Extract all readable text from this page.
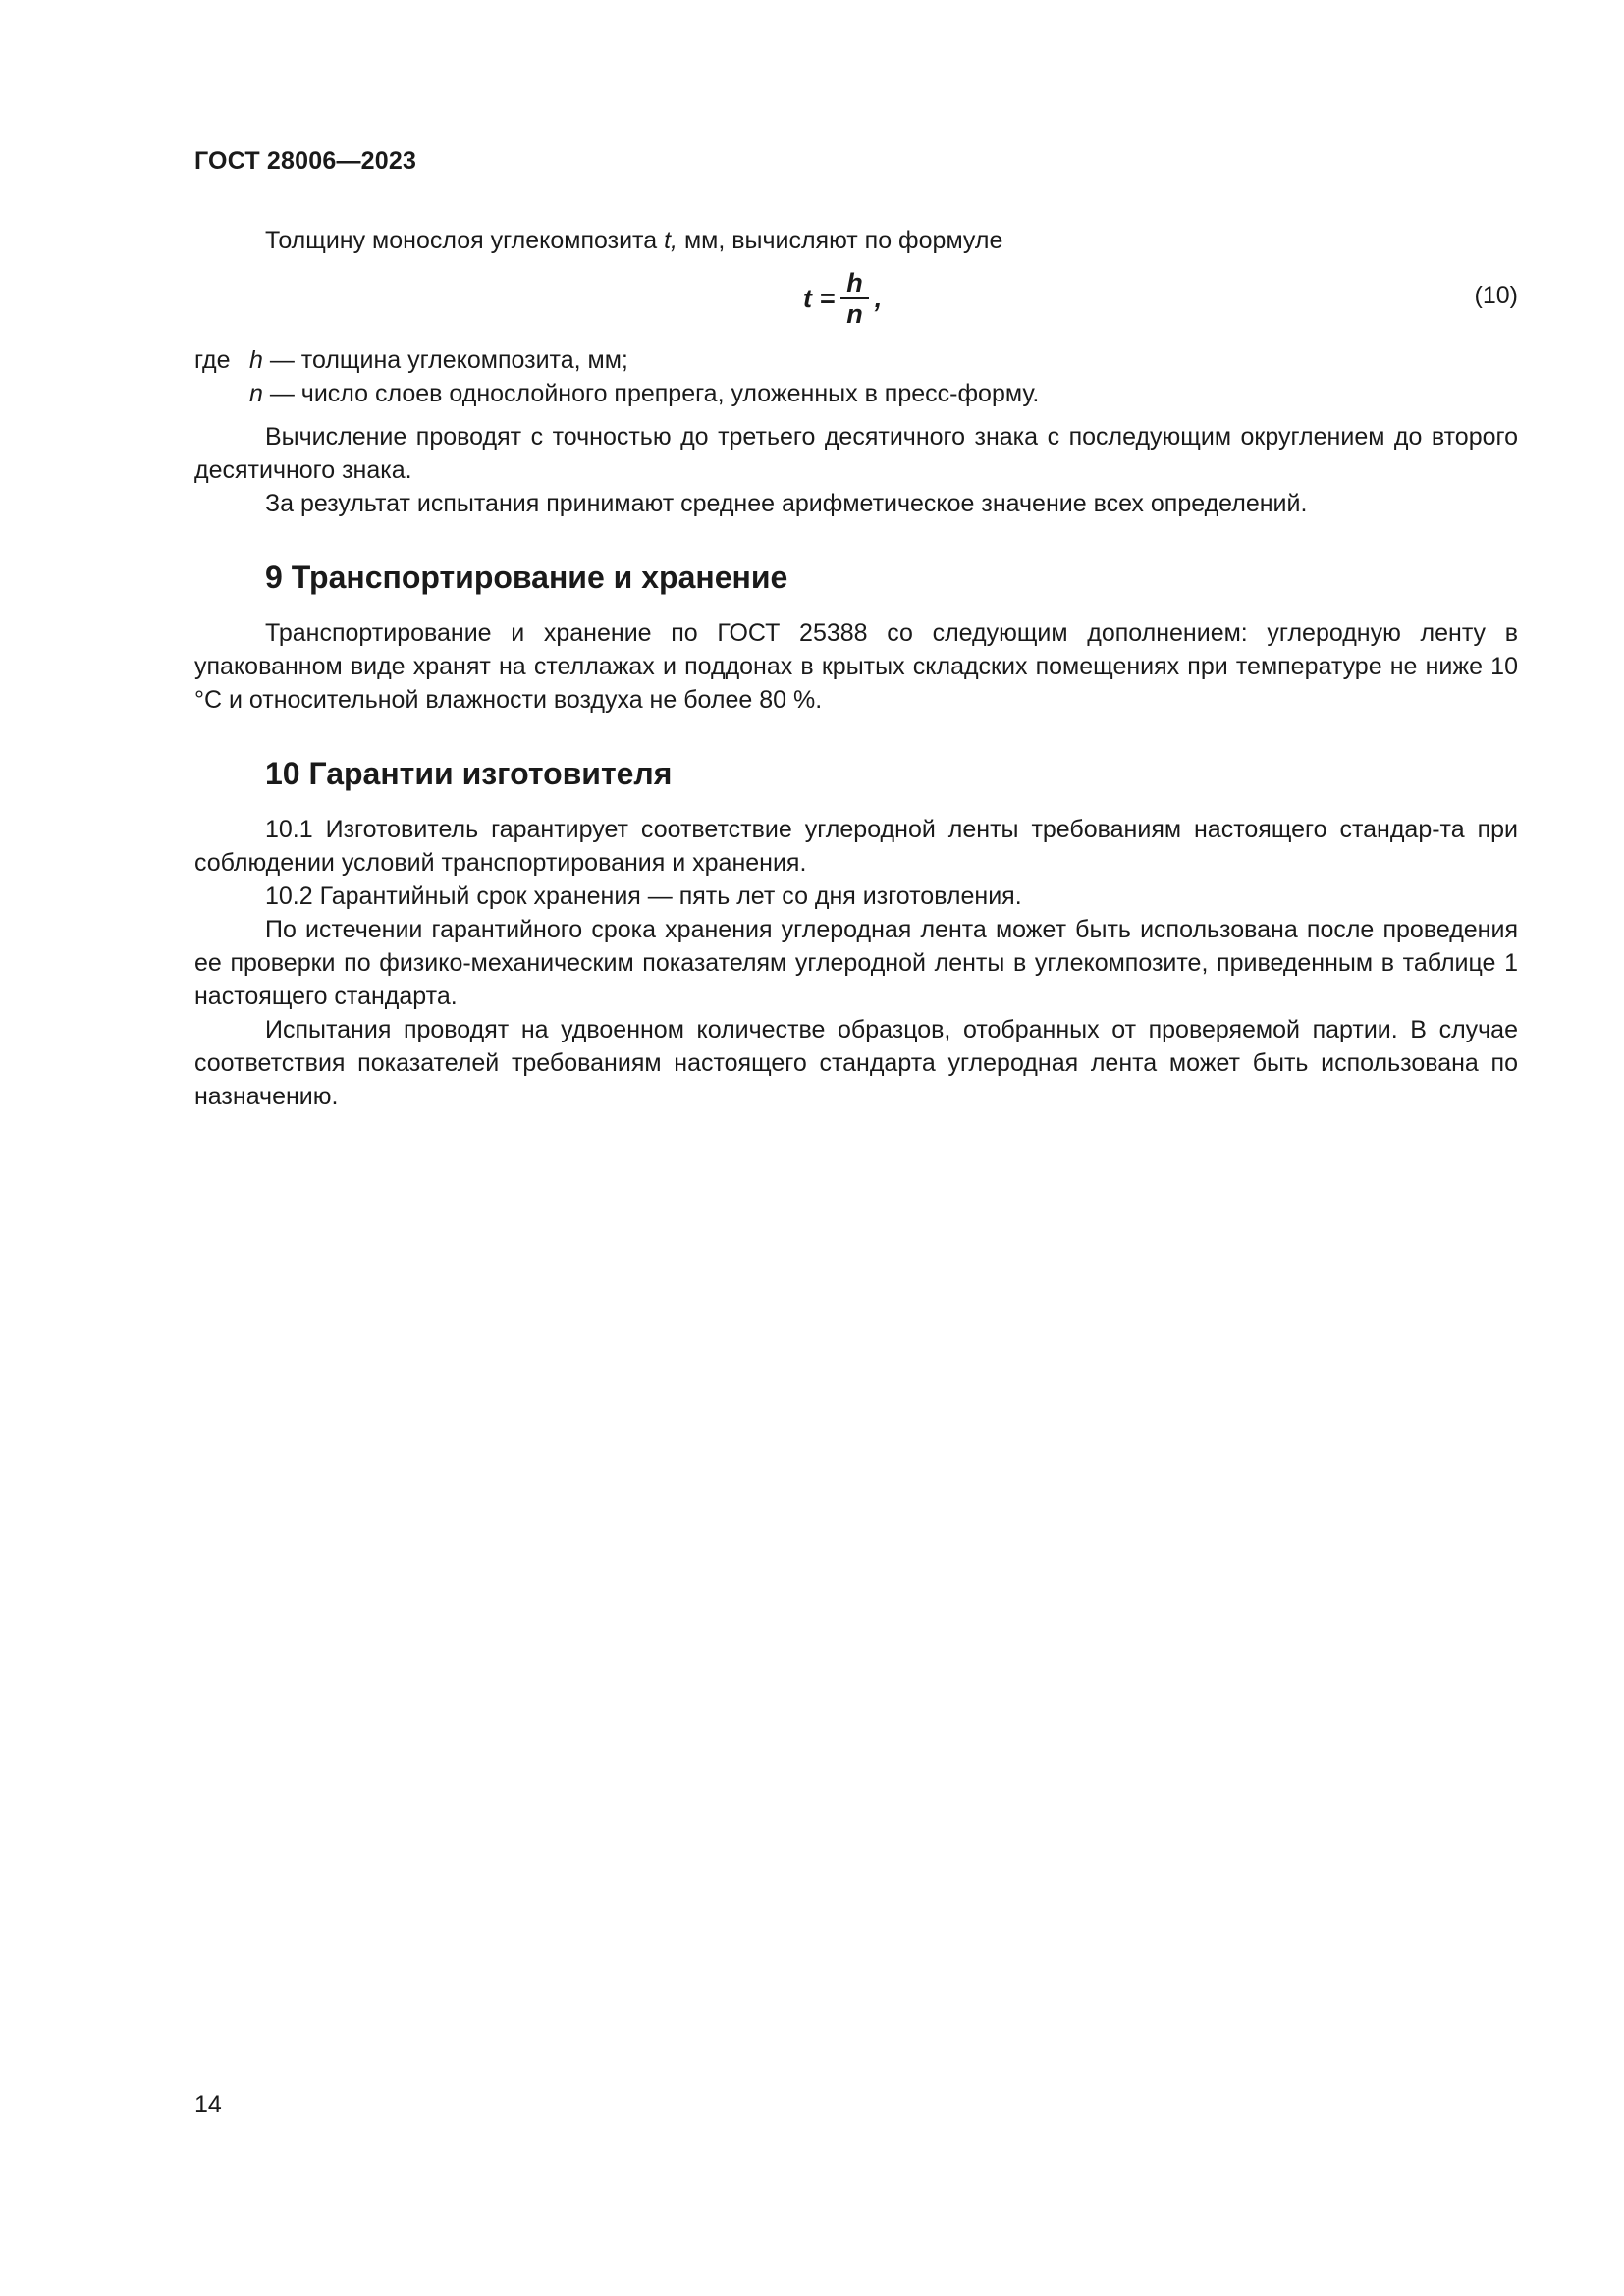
ГОСТ 28006—2023

Толщину монослоя углекомпозита t, мм, вычисляют по формуле

$t = \frac{h}{n}$ ,	(10)
где h — толщина углекомпозита, мм;
n — число слоев однослойного препрега, уложенных в пресс-форму.

Вычисление проводят с точностью до третьего десятичного знака с последующим округлением до второго десятичного знака.

За результат испытания принимают среднее арифметическое значение всех определений.

9 Транспортирование и хранение

Транспортирование и хранение по ГОСТ 25388 со следующим дополнением: углеродную ленту в упакованном виде хранят на стеллажах и поддонах в крытых складских помещениях при температуре не ниже 10 °С и относительной влажности воздуха не более 80 %.

10 Гарантии изготовителя

10.1 Изготовитель гарантирует соответствие углеродной ленты требованиям настоящего стандар-та при соблюдении условий транспортирования и хранения.

10.2 Гарантийный срок хранения — пять лет со дня изготовления.

По истечении гарантийного срока хранения углеродная лента может быть использована после проведения ее проверки по физико-механическим показателям углеродной ленты в углекомпозите, приведенным в таблице 1 настоящего стандарта.

Испытания проводят на удвоенном количестве образцов, отобранных от проверяемой партии. В случае соответствия показателей требованиям настоящего стандарта углеродная лента может быть использована по назначению.

14
